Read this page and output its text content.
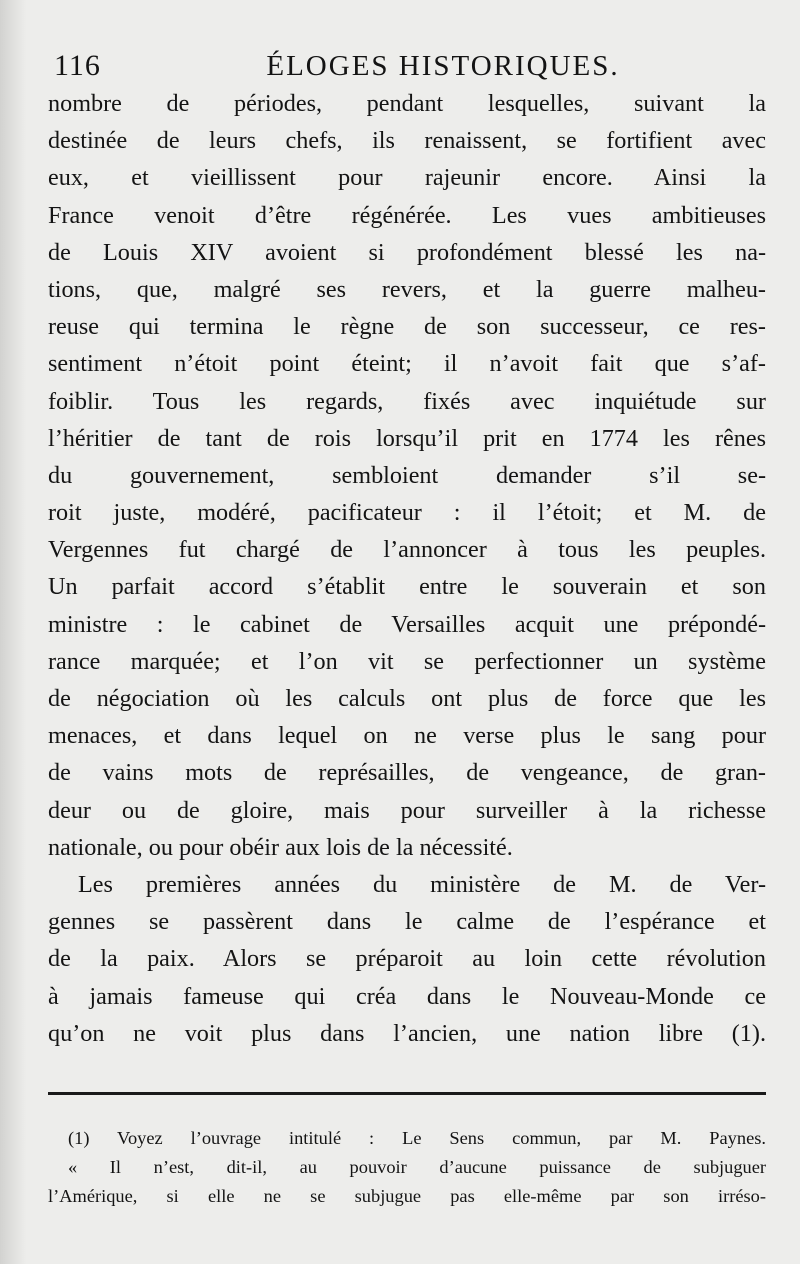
116	ÉLOGES HISTORIQUES.
nombre de périodes, pendant lesquelles, suivant la
destinée de leurs chefs, ils renaissent, se fortifient avec
eux, et vieillissent pour rajeunir encore. Ainsi la
France venoit d’être régénérée. Les vues ambitieuses
de Louis XIV avoient si profondément blessé les na-
tions, que, malgré ses revers, et la guerre malheu-
reuse qui termina le règne de son successeur, ce res-
sentiment n’étoit point éteint; il n’avoit fait que s’af-
foiblir. Tous les regards, fixés avec inquiétude sur
l’héritier de tant de rois lorsqu’il prit en 1774 les rênes
du gouvernement, sembloient demander s’il se-
roit juste, modéré, pacificateur : il l’étoit; et M. de
Vergennes fut chargé de l’annoncer à tous les peuples.
Un parfait accord s’établit entre le souverain et son
ministre : le cabinet de Versailles acquit une prépondé-
rance marquée; et l’on vit se perfectionner un système
de négociation où les calculs ont plus de force que les
menaces, et dans lequel on ne verse plus le sang pour
de vains mots de représailles, de vengeance, de gran-
deur ou de gloire, mais pour surveiller à la richesse
nationale, ou pour obéir aux lois de la nécessité.
Les premières années du ministère de M. de Ver-
gennes se passèrent dans le calme de l’espérance et
de la paix. Alors se préparoit au loin cette révolution
à jamais fameuse qui créa dans le Nouveau-Monde ce
qu’on ne voit plus dans l’ancien, une nation libre (1).
(1) Voyez l’ouvrage intitulé : Le Sens commun, par M. Paynes.
« Il n’est, dit-il, au pouvoir d’aucune puissance de subjuguer
l’Amérique, si elle ne se subjugue pas elle-même par son irréso-
